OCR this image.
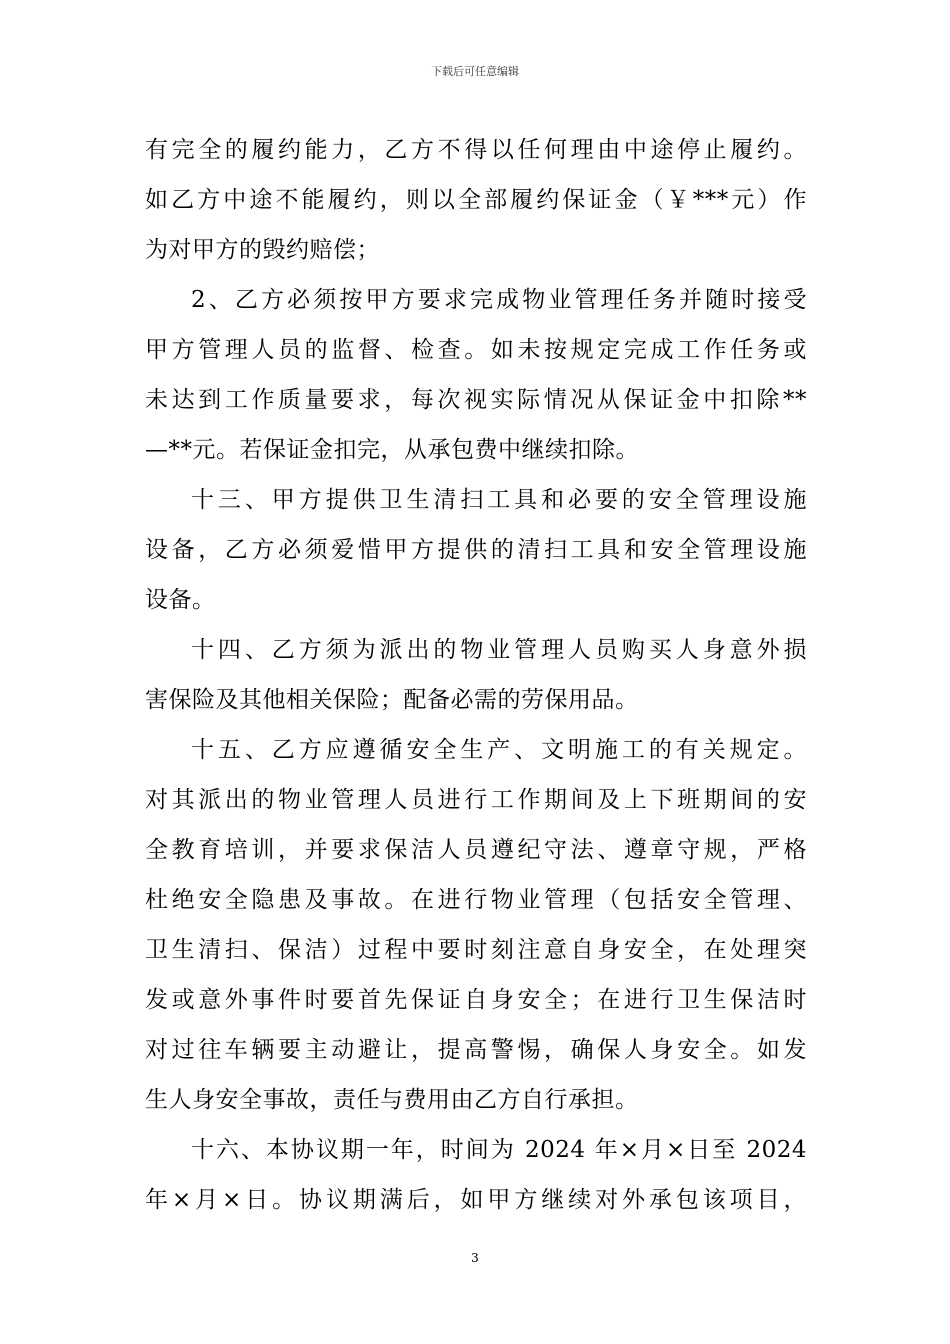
下载后可任意编辑
有完全的履约能力，乙方不得以任何理由中途停止履约。
如乙方中途不能履约，则以全部履约保证金（￥***元）作
为对甲方的毁约赔偿；
2、乙方必须按甲方要求完成物业管理任务并随时接受
甲方管理人员的监督、检查。如未按规定完成工作任务或
未达到工作质量要求，每次视实际情况从保证金中扣除**
—**元。若保证金扣完，从承包费中继续扣除。
十三、甲方提供卫生清扫工具和必要的安全管理设施
设备，乙方必须爱惜甲方提供的清扫工具和安全管理设施
设备。
十四、乙方须为派出的物业管理人员购买人身意外损
害保险及其他相关保险；配备必需的劳保用品。
十五、乙方应遵循安全生产、文明施工的有关规定。
对其派出的物业管理人员进行工作期间及上下班期间的安
全教育培训，并要求保洁人员遵纪守法、遵章守规，严格
杜绝安全隐患及事故。在进行物业管理（包括安全管理、
卫生清扫、保洁）过程中要时刻注意自身安全，在处理突
发或意外事件时要首先保证自身安全；在进行卫生保洁时
对过往车辆要主动避让，提高警惕，确保人身安全。如发
生人身安全事故，责任与费用由乙方自行承担。
十六、本协议期一年，时间为 2024 年×月×日至 2024
年×月×日。协议期满后，如甲方继续对外承包该项目，
3
